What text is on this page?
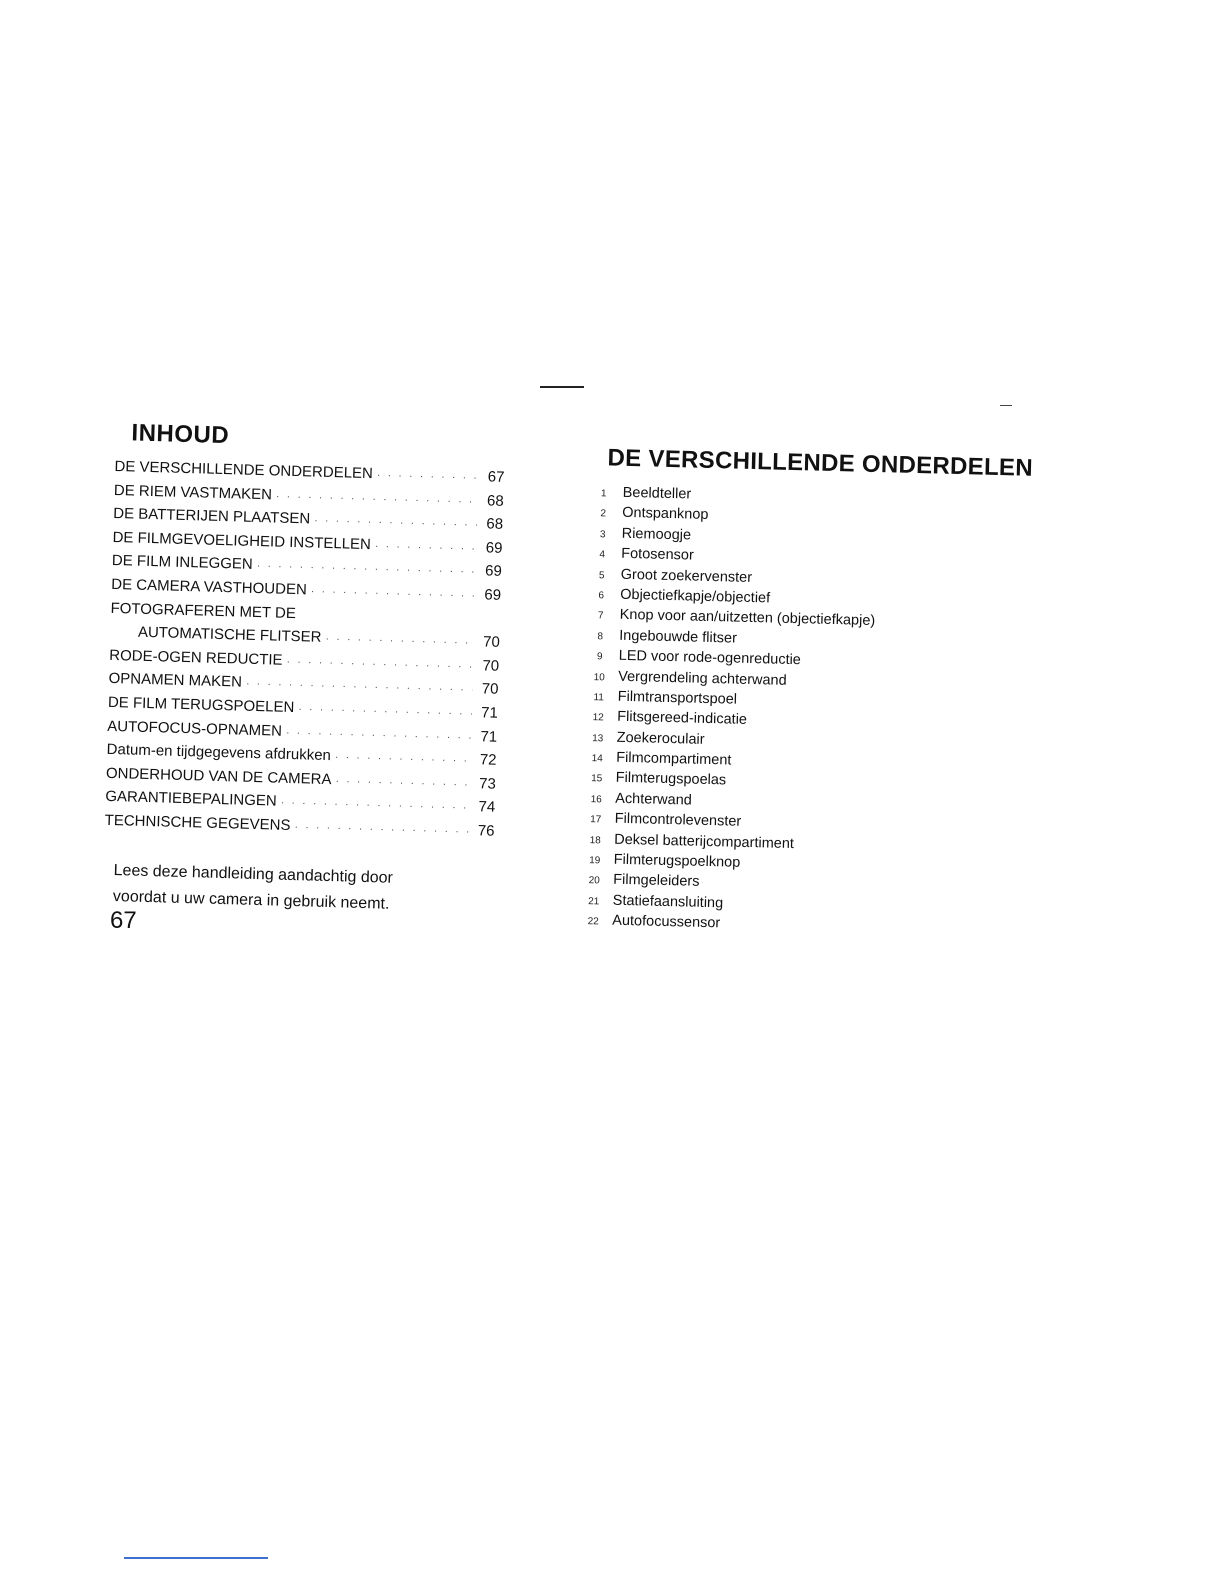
INHOUD
DE VERSCHILLENDE ONDERDELEN · · ·	67
DE RIEM VASTMAKEN · · ·	68
DE BATTERIJEN PLAATSEN · · ·	68
DE FILMGEVOELIGHEID INSTELLEN · · ·	69
DE FILM INLEGGEN · · ·	69
DE CAMERA VASTHOUDEN · · ·	69
FOTOGRAFEREN MET DE
AUTOMATISCHE FLITSER · · ·	70
RODE-OGEN REDUCTIE · · ·	70
OPNAMEN MAKEN · · ·	70
DE FILM TERUGSPOELEN · · ·	71
AUTOFOCUS-OPNAMEN · · ·	71
Datum-en tijdgegevens afdrukken · · ·	72
ONDERHOUD VAN DE CAMERA · · ·	73
GARANTIEBEPALINGEN · · ·	74
TECHNISCHE GEGEVENS · · ·	76
Lees deze handleiding aandachtig door
voordat u uw camera in gebruik neemt.
67
DE VERSCHILLENDE ONDERDELEN
1	Beeldteller
2	Ontspanknop
3	Riemoogje
4	Fotosensor
5	Groot zoekervenster
6	Objectiefkapje/objectief
7	Knop voor aan/uitzetten (objectiefkapje)
8	Ingebouwde flitser
9	LED voor rode-ogenreductie
10 Vergrendeling achterwand
11 Filmtransportspoel
12 Flitsgereed-indicatie
13 Zoekeroculair
14 Filmcompartiment
15 Filmterugspoelas
16 Achterwand
17 Filmcontrolevenster
18 Deksel batterijcompartiment
19 Filmterugspoelknop
20 Filmgeleiders
21 Statiefaansluiting
22 Autofocussensor
